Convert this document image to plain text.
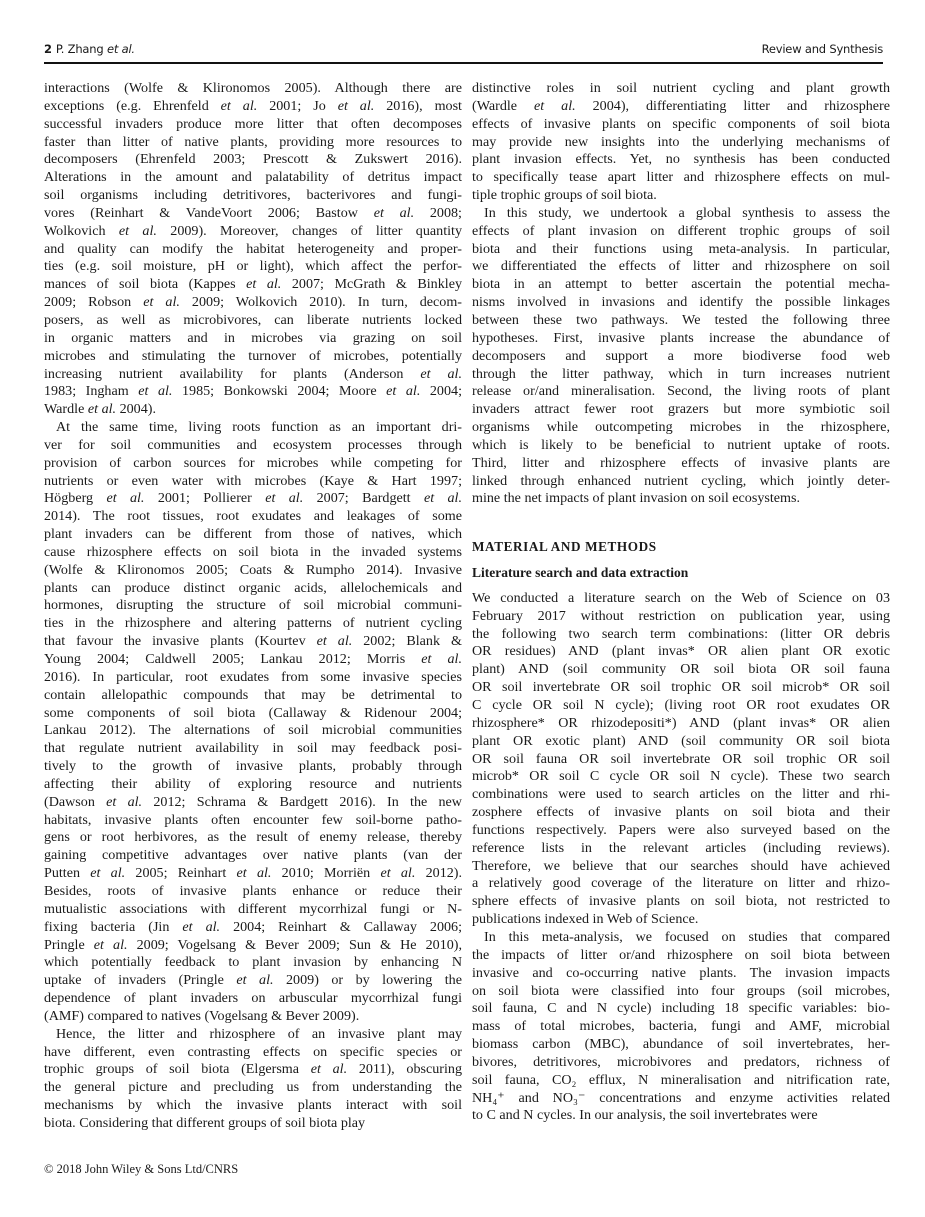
2 P. Zhang et al.	Review and Synthesis

interactions (Wolfe & Klironomos 2005). Although there are
exceptions (e.g. Ehrenfeld et al. 2001; Jo et al. 2016), most
successful invaders produce more litter that often decomposes
faster than litter of native plants, providing more resources to
decomposers (Ehrenfeld 2003; Prescott & Zukswert 2016).
Alterations in the amount and palatability of detritus impact
soil organisms including detritivores, bacterivores and fungi-
vores (Reinhart & VandeVoort 2006; Bastow et al. 2008;
Wolkovich et al. 2009). Moreover, changes of litter quantity
and quality can modify the habitat heterogeneity and proper-
ties (e.g. soil moisture, pH or light), which affect the perfor-
mances of soil biota (Kappes et al. 2007; McGrath & Binkley
2009; Robson et al. 2009; Wolkovich 2010). In turn, decom-
posers, as well as microbivores, can liberate nutrients locked
in organic matters and in microbes via grazing on soil
microbes and stimulating the turnover of microbes, potentially
increasing nutrient availability for plants (Anderson et al.
1983; Ingham et al. 1985; Bonkowski 2004; Moore et al. 2004;
Wardle et al. 2004).

At the same time, living roots function as an important dri-
ver for soil communities and ecosystem processes through
provision of carbon sources for microbes while competing for
nutrients or even water with microbes (Kaye & Hart 1997;
Högberg et al. 2001; Pollierer et al. 2007; Bardgett et al.
2014). The root tissues, root exudates and leakages of some
plant invaders can be different from those of natives, which
cause rhizosphere effects on soil biota in the invaded systems
(Wolfe & Klironomos 2005; Coats & Rumpho 2014). Invasive
plants can produce distinct organic acids, allelochemicals and
hormones, disrupting the structure of soil microbial communi-
ties in the rhizosphere and altering patterns of nutrient cycling
that favour the invasive plants (Kourtev et al. 2002; Blank &
Young 2004; Caldwell 2005; Lankau 2012; Morris et al.
2016). In particular, root exudates from some invasive species
contain allelopathic compounds that may be detrimental to
some components of soil biota (Callaway & Ridenour 2004;
Lankau 2012). The alternations of soil microbial communities
that regulate nutrient availability in soil may feedback posi-
tively to the growth of invasive plants, probably through
affecting their ability of exploring resource and nutrients
(Dawson et al. 2012; Schrama & Bardgett 2016). In the new
habitats, invasive plants often encounter few soil-borne patho-
gens or root herbivores, as the result of enemy release, thereby
gaining competitive advantages over native plants (van der
Putten et al. 2005; Reinhart et al. 2010; Morriën et al. 2012).
Besides, roots of invasive plants enhance or reduce their
mutualistic associations with different mycorrhizal fungi or N-
fixing bacteria (Jin et al. 2004; Reinhart & Callaway 2006;
Pringle et al. 2009; Vogelsang & Bever 2009; Sun & He 2010),
which potentially feedback to plant invasion by enhancing N
uptake of invaders (Pringle et al. 2009) or by lowering the
dependence of plant invaders on arbuscular mycorrhizal fungi
(AMF) compared to natives (Vogelsang & Bever 2009).

Hence, the litter and rhizosphere of an invasive plant may
have different, even contrasting effects on specific species or
trophic groups of soil biota (Elgersma et al. 2011), obscuring
the general picture and precluding us from understanding the
mechanisms by which the invasive plants interact with soil
biota. Considering that different groups of soil biota play

distinctive roles in soil nutrient cycling and plant growth
(Wardle et al. 2004), differentiating litter and rhizosphere
effects of invasive plants on specific components of soil biota
may provide new insights into the underlying mechanisms of
plant invasion effects. Yet, no synthesis has been conducted
to specifically tease apart litter and rhizosphere effects on mul-
tiple trophic groups of soil biota.

In this study, we undertook a global synthesis to assess the
effects of plant invasion on different trophic groups of soil
biota and their functions using meta-analysis. In particular,
we differentiated the effects of litter and rhizosphere on soil
biota in an attempt to better ascertain the potential mecha-
nisms involved in invasions and identify the possible linkages
between these two pathways. We tested the following three
hypotheses. First, invasive plants increase the abundance of
decomposers and support a more biodiverse food web
through the litter pathway, which in turn increases nutrient
release or/and mineralisation. Second, the living roots of plant
invaders attract fewer root grazers but more symbiotic soil
organisms while outcompeting microbes in the rhizosphere,
which is likely to be beneficial to nutrient uptake of roots.
Third, litter and rhizosphere effects of invasive plants are
linked through enhanced nutrient cycling, which jointly deter-
mine the net impacts of plant invasion on soil ecosystems.

MATERIAL AND METHODS
Literature search and data extraction

We conducted a literature search on the Web of Science on 03
February 2017 without restriction on publication year, using
the following two search term combinations: (litter OR debris
OR residues) AND (plant invas* OR alien plant OR exotic
plant) AND (soil community OR soil biota OR soil fauna
OR soil invertebrate OR soil trophic OR soil microb* OR soil
C cycle OR soil N cycle); (living root OR root exudates OR
rhizosphere* OR rhizodepositi*) AND (plant invas* OR alien
plant OR exotic plant) AND (soil community OR soil biota
OR soil fauna OR soil invertebrate OR soil trophic OR soil
microb* OR soil C cycle OR soil N cycle). These two search
combinations were used to search articles on the litter and rhi-
zosphere effects of invasive plants on soil biota and their
functions respectively. Papers were also surveyed based on the
reference lists in the relevant articles (including reviews).
Therefore, we believe that our searches should have achieved
a relatively good coverage of the literature on litter and rhizo-
sphere effects of invasive plants on soil biota, not restricted to
publications indexed in Web of Science.

In this meta-analysis, we focused on studies that compared
the impacts of litter or/and rhizosphere on soil biota between
invasive and co-occurring native plants. The invasion impacts
on soil biota were classified into four groups (soil microbes,
soil fauna, C and N cycle) including 18 specific variables: bio-
mass of total microbes, bacteria, fungi and AMF, microbial
biomass carbon (MBC), abundance of soil invertebrates, her-
bivores, detritivores, microbivores and predators, richness of
soil fauna, CO₂ efflux, N mineralisation and nitrification rate,
NH₄⁺ and NO₃⁻ concentrations and enzyme activities related
to C and N cycles. In our analysis, the soil invertebrates were

© 2018 John Wiley & Sons Ltd/CNRS
